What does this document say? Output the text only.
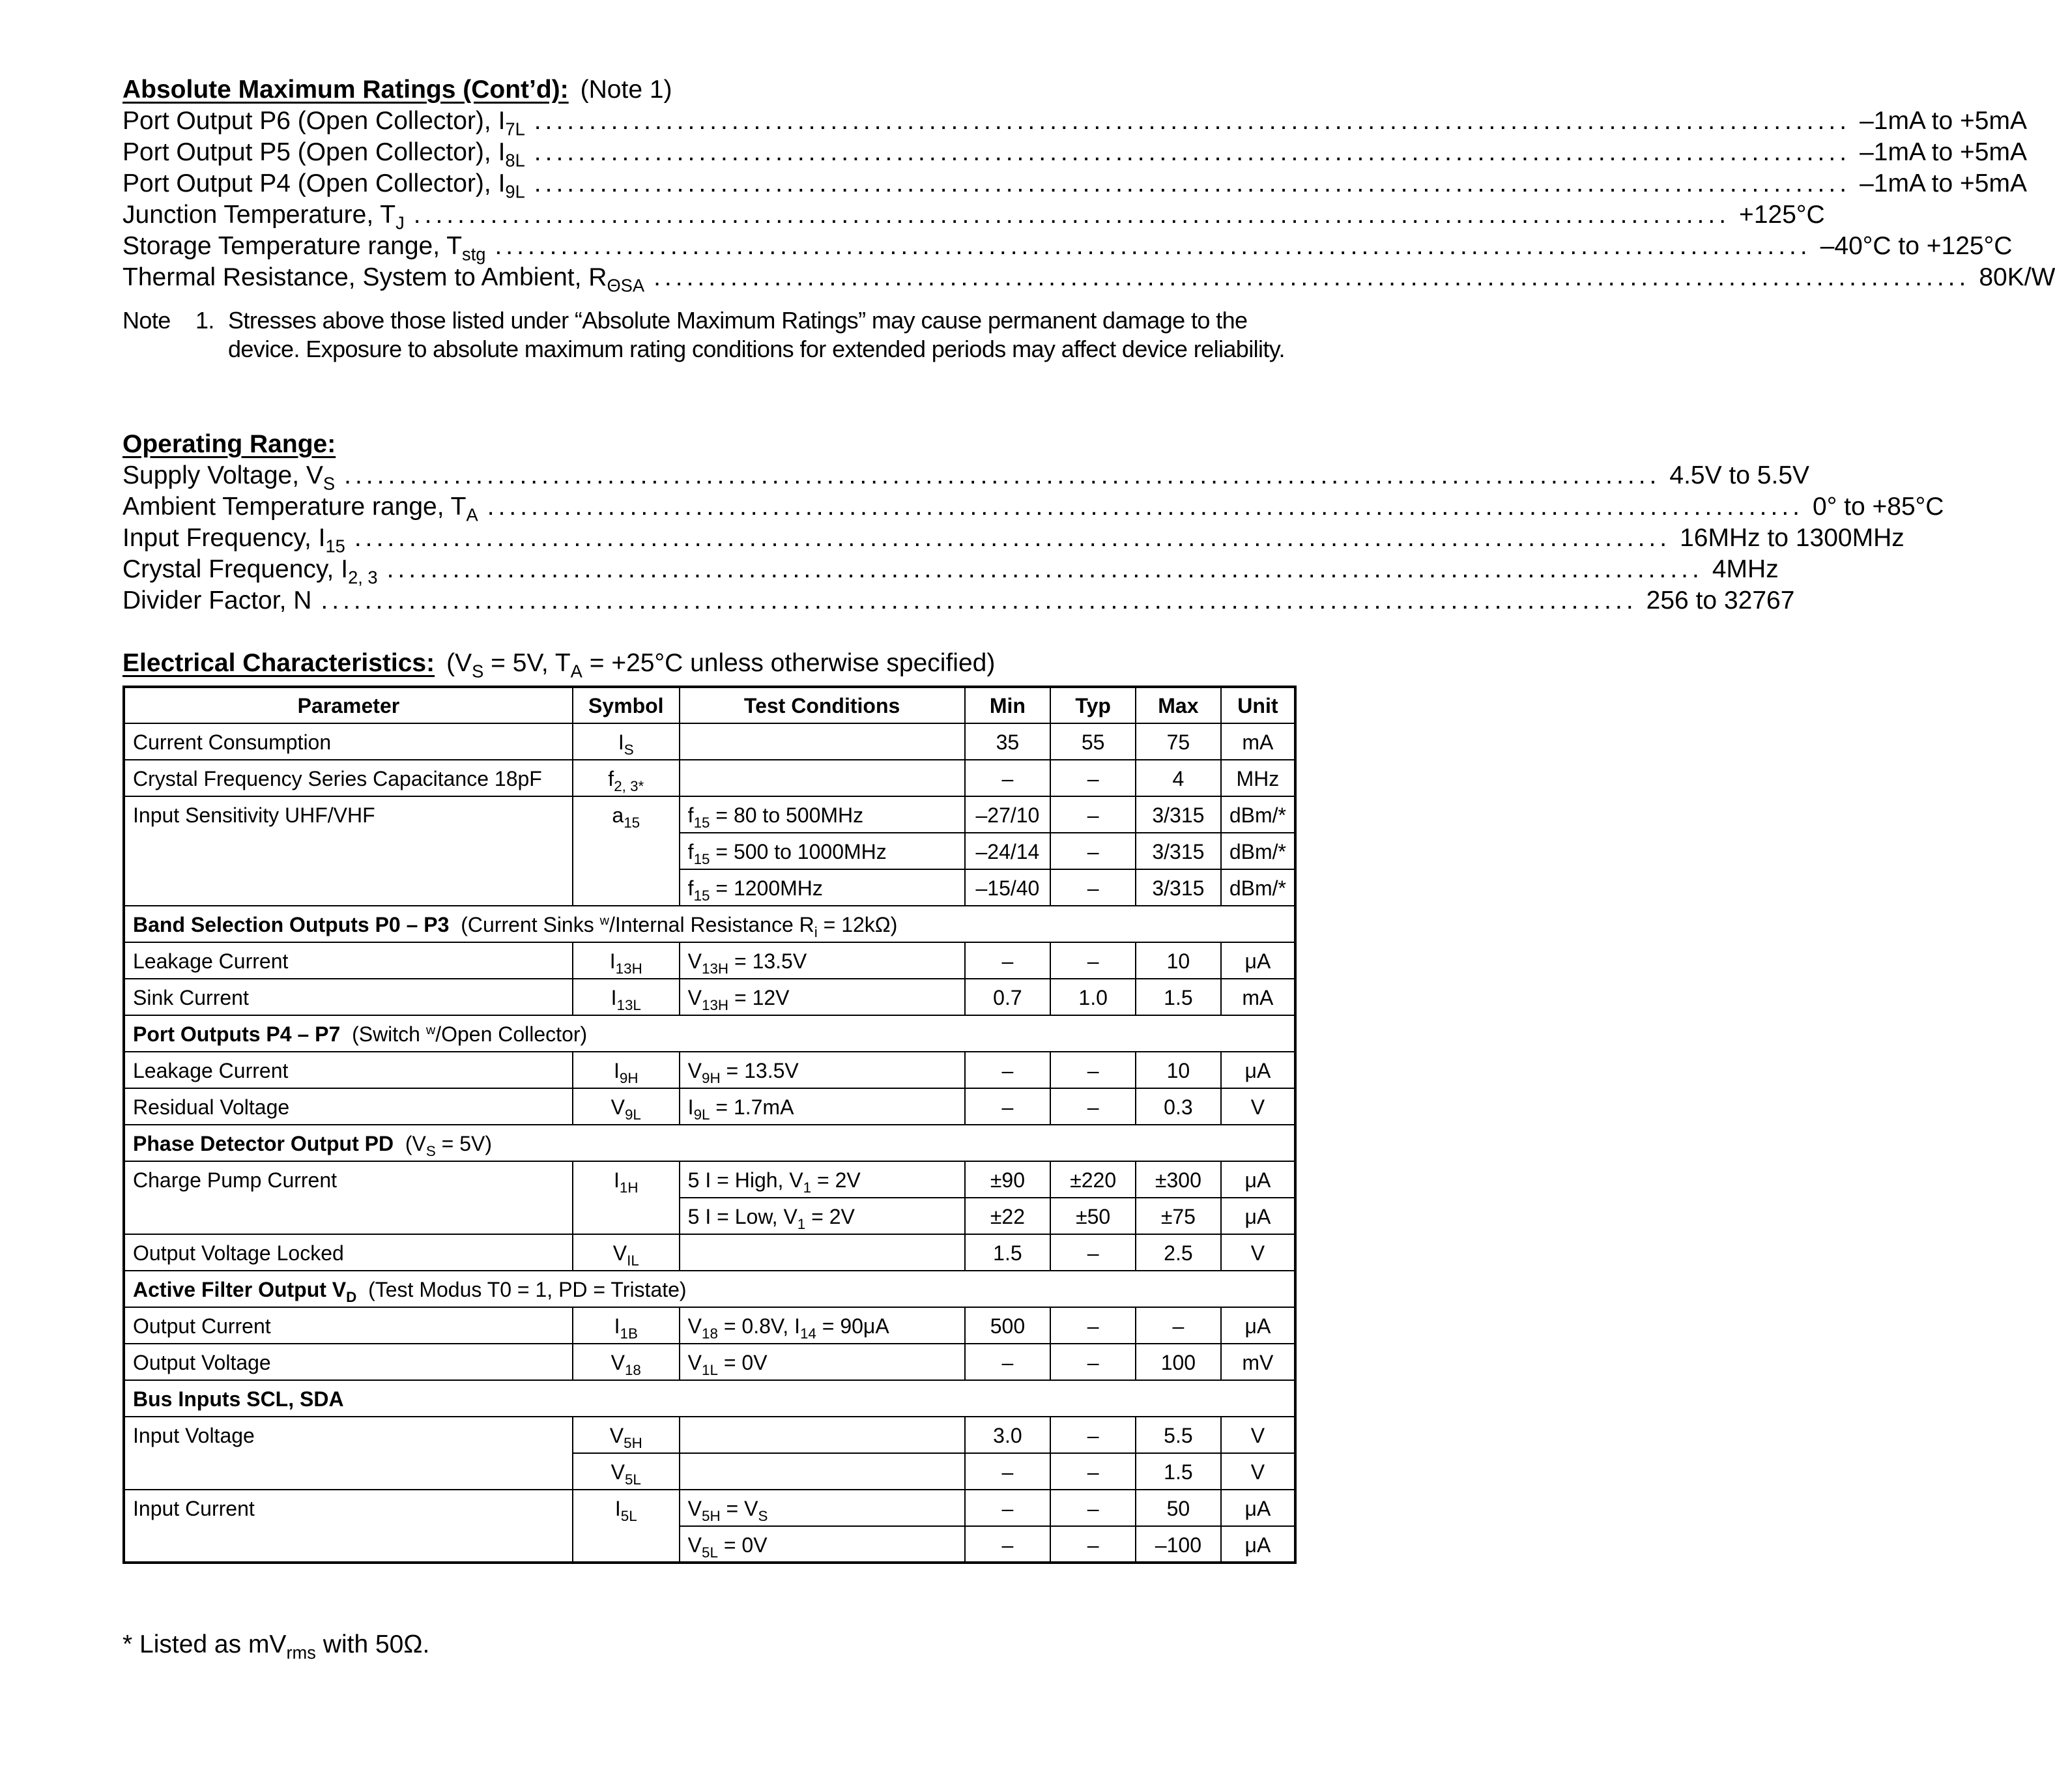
Absolute Maximum Ratings (Cont’d): (Note 1)
Port Output P6 (Open Collector), $I_{7L}$ ........................................................................................................................ –1mA to +5mA
Port Output P5 (Open Collector), $I_{8L}$ ........................................................................................................................ –1mA to +5mA
Port Output P4 (Open Collector), $I_{9L}$ ........................................................................................................................ –1mA to +5mA
Junction Temperature, $T_J$ ........................................................................................................................ +125°C
Storage Temperature range, $T_{stg}$ ........................................................................................................................ –40°C to +125°C
Thermal Resistance, System to Ambient, $R_{\Theta SA}$ ........................................................................................................................ 80K/W
Note 1. Stresses above those listed under “Absolute Maximum Ratings” may cause permanent damage to the device. Exposure to absolute maximum rating conditions for extended periods may affect device reliability.
Operating Range:
Supply Voltage, $V_S$ ........................................................................................................................ 4.5V to 5.5V
Ambient Temperature range, $T_A$ ........................................................................................................................ 0° to +85°C
Input Frequency, $I_{15}$ ........................................................................................................................ 16MHz to 1300MHz
Crystal Frequency, $I_{2, 3}$ ........................................................................................................................ 4MHz
Divider Factor, N ........................................................................................................................ 256 to 32767
Electrical Characteristics: ($V_S = 5V$, $T_A = +25^\circ C$ unless otherwise specified)
Parameter	Symbol	Test Conditions	Min	Typ	Max	Unit
Current Consumption	$I_S$		35	55	75	mA
Crystal Frequency Series Capacitance 18pF	$f_{2, 3*}$		–	–	4	MHz
Input Sensitivity UHF/VHF	$a_{15}$	$f_{15} = 80$ to 500MHz	–27/10	–	3/315	dBm/*
		$f_{15} = 500$ to 1000MHz	–24/14	–	3/315	dBm/*
		$f_{15} = 1200MHz$	–15/40	–	3/315	dBm/*
Band Selection Outputs P0 – P3 (Current Sinks $^w$/Internal Resistance $R_i = 12k\Omega$)						
Leakage Current	$I_{13H}$	$V_{13H} = 13.5V$	–	–	10	μA
Sink Current	$I_{13L}$	$V_{13H} = 12V$	0.7	1.0	1.5	mA
Port Outputs P4 – P7 (Switch $^w$/Open Collector)						
Leakage Current	$I_{9H}$	$V_{9H} = 13.5V$	–	–	10	μA
Residual Voltage	$V_{9L}$	$I_{9L} = 1.7mA$	–	–	0.3	V
Phase Detector Output PD $(V_S = 5V)$						
Charge Pump Current	$I_{1H}$	5 I = High, $V_1 = 2V$	±90	±220	±300	μA
		5 I = Low, $V_1 = 2V$	±22	±50	±75	μA
Output Voltage Locked	$V_{IL}$		1.5	–	2.5	V
Active Filter Output $V_D$ (Test Modus T0 = 1, PD = Tristate)						
Output Current	$I_{1B}$	$V_{18} = 0.8V$, $I_{14} = 90\mu A$	500	–	–	μA
Output Voltage	$V_{18}$	$V_{1L} = 0V$	–	–	100	mV
Bus Inputs SCL, SDA						
Input Voltage	$V_{5H}$		3.0	–	5.5	V
	$V_{5L}$		–	–	1.5	V
Input Current	$I_{5L}$	$V_{5H} = V_S$	–	–	50	μA
		$V_{5L} = 0V$	–	–	–100	μA
* Listed as $mV_{rms}$ with 50Ω.
